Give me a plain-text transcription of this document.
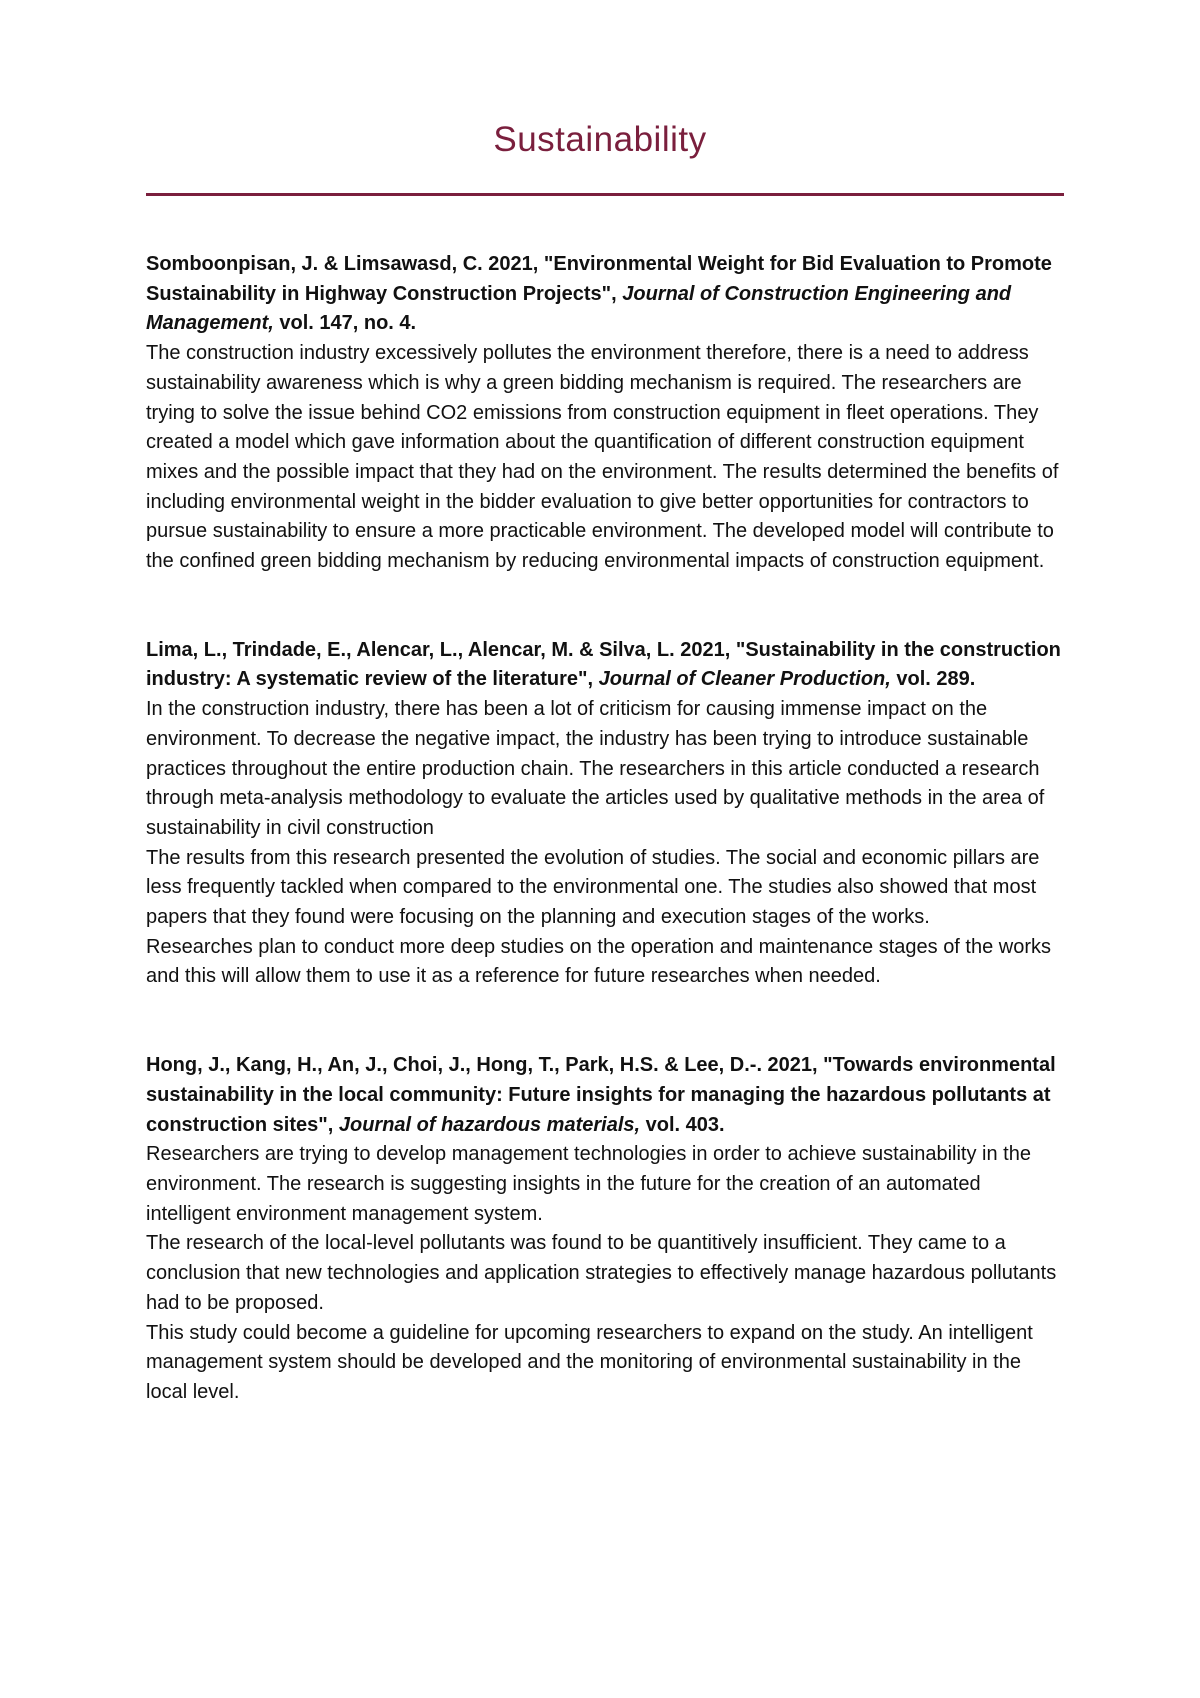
Sustainability

Somboonpisan, J. & Limsawasd, C. 2021, "Environmental Weight for Bid Evaluation to Promote Sustainability in Highway Construction Projects", Journal of Construction Engineering and Management, vol. 147, no. 4.

The construction industry excessively pollutes the environment therefore, there is a need to address sustainability awareness which is why a green bidding mechanism is required. The researchers are trying to solve the issue behind CO2 emissions from construction equipment in fleet operations. They created a model which gave information about the quantification of different construction equipment mixes and the possible impact that they had on the environment. The results determined the benefits of including environmental weight in the bidder evaluation to give better opportunities for contractors to pursue sustainability to ensure a more practicable environment. The developed model will contribute to the confined green bidding mechanism by reducing environmental impacts of construction equipment.

Lima, L., Trindade, E., Alencar, L., Alencar, M. & Silva, L. 2021, "Sustainability in the construction industry: A systematic review of the literature", Journal of Cleaner Production, vol. 289.

In the construction industry, there has been a lot of criticism for causing immense impact on the environment. To decrease the negative impact, the industry has been trying to introduce sustainable practices throughout the entire production chain. The researchers in this article conducted a research through meta-analysis methodology to evaluate the articles used by qualitative methods in the area of sustainability in civil construction

The results from this research presented the evolution of studies. The social and economic pillars are less frequently tackled when compared to the environmental one. The studies also showed that most papers that they found were focusing on the planning and execution stages of the works.

Researches plan to conduct more deep studies on the operation and maintenance stages of the works and this will allow them to use it as a reference for future researches when needed.

Hong, J., Kang, H., An, J., Choi, J., Hong, T., Park, H.S. & Lee, D.-. 2021, "Towards environmental sustainability in the local community: Future insights for managing the hazardous pollutants at construction sites", Journal of hazardous materials, vol. 403.

Researchers are trying to develop management technologies in order to achieve sustainability in the environment. The research is suggesting insights in the future for the creation of an automated intelligent environment management system.

The research of the local-level pollutants was found to be quantitively insufficient. They came to a conclusion that new technologies and application strategies to effectively manage hazardous pollutants had to be proposed.

This study could become a guideline for upcoming researchers to expand on the study. An intelligent management system should be developed and the monitoring of environmental sustainability in the local level.
